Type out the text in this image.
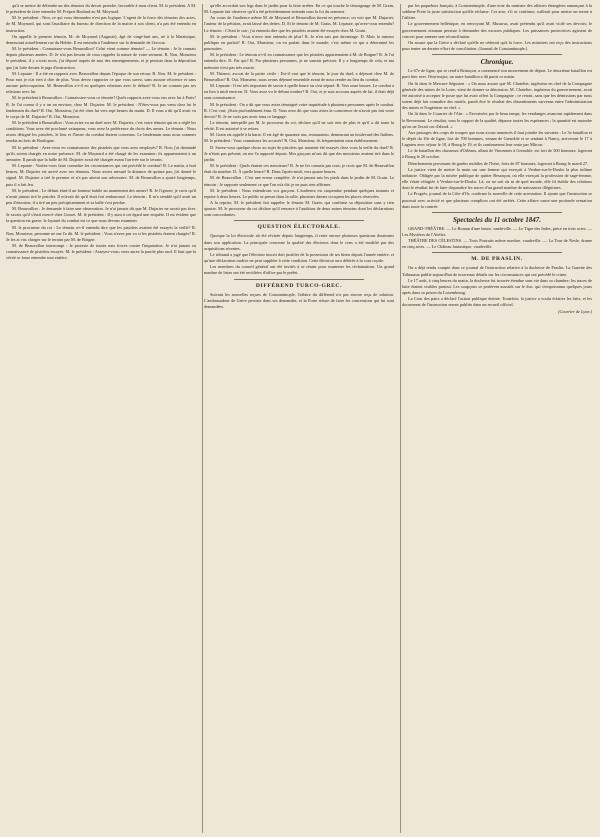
qu'à se mettre de défendre un des témoins du devoir prendre, favorable à mon client. M. le président. A M. le président de faire entendre M. Fréperi Boulard au M. Moynard.

M. le président : Non, ce qui vous demandez n'est pas logique. L'agent de la force des témoins des actes, de M. Moynard, qui sont l'auxiliaire du bureau de direction de la mairie à son client, n'a pas été entendu en instruction.

On appelle le premier témoin, M. de Moynard (Auguste), âgé de vingt-huit ans, né à la Martinique, demeurant actuellement rue du Helder. Il est entendu à l'audience sur la demande de l'avocat.

M. le président : Connaissez-vous Beauvallon? Celui vient comme témoin? — Le témoin : Je le connais depuis plusieurs années. D. Je n'ai pas besoin de vous rappeler la nature de votre serment. R. Non, Monsieur le président, il y a trois mois, j'ai déposé auprès de moi des renseignements, et je persiste dans la déposition que j'ai faite devant le juge d'instruction.

M. Lepaute : Il a été en rapports avec Beauvallon depuis l'époque de son retour. R. Non. M. le président : Pour moi je n'ai rien à dire de plus. Vous devez rapporter ce que vous savez, sans aucune réticence et sans aucune préoccupation. M. Beauvallon a-t-il eu quelques relations avec le défunt? R. Je ne connais pas ses relations avec lui.

M. le président à Beauvallon : Connaissiez-vous ce témoin? Quels rapports avez-vous eus avec lui à Paris? R. Je l'ai connu il y a un an environ, chez M. Dujarier. M. le président : N'êtes-vous pas venu chez lui le lendemain du duel? R. Oui, Monsieur, j'ai été chez lui vers sept heures du matin. D. Il vous a dit qu'il avait vu le corps de M. Dujarier? R. Oui, Monsieur.

M. le président à Beauvallon : Vous aviez eu un duel avec M. Dujarier; c'est votre témoin qui en a réglé les conditions. Vous avez été proclamé vainqueur, vous avez la préférence du choix des armes. Le témoin : Nous avons désigné les pistolets, le lieu et l'heure du combat étaient convenus. Le lendemain nous nous sommes rendus au bois de Boulogne.

M. le président : Avez-vous eu connaissance des pistolets que vous avez employés? R. Non; j'ai demandé qu'ils soient chargés en notre présence. M. de Moynard a été chargé de les examiner; ils appartenaient à un armurier. Il paraît que la balle de M. Dujarier avait été chargée avant l'arrivée sur le terrain.

M. Lepaute : Voulez-vous faire connaître les circonstances qui ont précédé le combat? R. Le matin, à huit heures, M. Dujarier est arrivé avec ses témoins. Nous avons mesuré la distance de quinze pas; j'ai donné le signal. M. Dujarier a tiré le premier et n'a pas atteint son adversaire. M. de Beauvallon a ajusté longtemps, puis il a fait feu.

M. le président : Le défunt était-il un homme habile au maniement des armes? R. Je l'ignore; je crois qu'il n'avait jamais tiré le pistolet. Il m'avait dit qu'il était fort embarrassé. Le témoin : Il m'a semblé qu'il avait un peu d'émotion; il a tiré un peu précipitamment et sa balle s'est perdue.

M. Beauvallon : Je demande à faire une observation. Je n'ai jamais dit que M. Dujarier ne savait pas tirer. Je savais qu'il s'était exercé chez Gosset. M. le président : Il y aura à cet égard une enquête. Il est évident que la question est grave; la loyauté du combat est ce que nous devons examiner.

M. le procureur du roi : Le témoin a-t-il entendu dire que les pistolets avaient été essayés la veille? R. Non, Monsieur; personne ne me l'a dit. M. le président : Vous n'avez pas vu si les pistolets étaient chargés? R. Je les ai vus charger sur le terrain par M. de Boigne.

M. de Beauvallon interrompt : Je proteste de toutes mes forces contre l'imputation. Je n'ai jamais eu connaissance de pistolets essayés. M. le président : Asseyez-vous; vous aurez la parole plus tard. Il faut que la vérité se fasse entendre tout entière.

qu'elle accordait son legs dans le jardin pour la faire arrêter. En ce qui touche le témoignage de M. Grain, M. Lepaute fait observer qu'il a été précédemment entendu sous la foi du serment.

Au cours de l'audience même M. de Meynard et Beauvallon furent en présence; on voit que M. Dujarier, l'auteur de la pétition, avait laissé des dettes. D. Et le témoin de M. Grain, M. Lepaute, qu'avez-vous entendu? Le témoin : C'était le soir; j'ai entendu dire que les pistolets avaient été essayés chez M. Grain.

M. le président : Vous n'avez rien entendu de plus? R. Je n'en sais pas davantage. D. Mais la rumeur publique en parlait? R. Oui, Monsieur, on en parlait dans le monde; c'est même ce qui a déterminé les poursuites.

M. le président : Le témoin a-t-il eu connaissance que les pistolets appartenaient à M. de Boigne? R. Je l'ai entendu dire. D. Par qui? R. Par plusieurs personnes, je ne saurais préciser. Il y a longtemps de cela, et ma mémoire n'est pas très exacte.

M. Thienot, avocat de la partie civile : Est-il vrai que le témoin, le jour du duel, a déjeuné chez M. de Beauvallon? R. Oui, Monsieur, nous avons déjeuné ensemble avant de nous rendre au lieu du combat.

M. Lepaute : Il est très important de savoir à quelle heure on s'est séparé. R. Vers onze heures. Le combat a eu lieu à midi environ. D. Vous avez vu le défunt tomber? R. Oui, et je suis accouru auprès de lui, il était déjà sans connaissance.

M. le président : On a dit que vous aviez témoigné votre inquiétude à plusieurs personnes après le combat. R. C'est vrai; j'étais profondément ému. D. Vous avez dit que vous aviez la conscience de n'avoir pas fait votre devoir? R. Je ne crois pas avoir tenu ce langage.

Le témoin, interpellé par M. le procureur du roi, déclare qu'il ne sait rien de plus et qu'il a dit toute la vérité. Il est autorisé à se retirer.

M. Grain est appelé à la barre. Il est âgé de quarante ans, restaurateur, demeurant au boulevard des Italiens. M. le président : Vous connaissez les accusés? R. Oui, Monsieur, ils fréquentaient mon établissement.

D. Savez-vous quelque chose au sujet de pistolets qui auraient été essayés chez vous la veille du duel? R. Je n'étais pas présent; on me l'a rapporté depuis. Mes garçons m'ont dit que des messieurs avaient tiré dans le jardin.

M. le président : Quels étaient ces messieurs? R. Je ne les connais pas tous; je crois que M. de Beauvallon était du nombre. D. À quelle heure? R. Dans l'après-midi, vers quatre heures.

M. de Beauvallon : C'est une erreur complète. Je n'ai jamais mis les pieds dans le jardin de M. Grain. Le témoin : Je rapporte seulement ce que l'on m'a dit; je ne puis rien affirmer.

M. le président : Nous entendrons vos garçons. L'audience est suspendue pendant quelques instants et reprise à deux heures. Le public se presse dans la salle; plusieurs dames occupent les places réservées.

A la reprise, M. le président fait rappeler le témoin M. Grain, qui confirme sa déposition sans y rien ajouter. M. le procureur du roi déclare qu'il renonce à l'audition de deux autres témoins dont les déclarations sont concordantes.

QUESTION ÉLECTORALE.

Quoique la loi électorale ait été révisée depuis longtemps, il reste encore plusieurs questions douteuses dans son application. La principale concerne la qualité des électeurs dont le cens a été modifié par des acquisitions récentes.

Le tribunal a jugé que l'électeur inscrit doit justifier de la possession de ses biens depuis l'année entière, et qu'une déclaration tardive ne peut suppléer à cette condition. Cette décision sera déférée à la cour royale.

Les membres du conseil général ont été invités à se réunir pour examiner les réclamations. Un grand nombre de listes ont été rectifiées d'office par le préfet.

DIFFÉREND TURCO-GREC.

Suivant les nouvelles reçues de Constantinople, l'affaire du différend n'a pas encore reçu de solution. L'ambassadeur de Grèce persiste dans ses demandes, et la Porte refuse de faire les concessions qui lui sont demandées.

par les paquebots français, à Constantinople, d'une note du ministre des affaires étrangères annonçant à la sublime Porte la juste satisfaction qu'elle réclame. Cet acte, s'il se confirme, suffirait pour mettre un terme à l'affaire.

Le gouvernement hellénique, en renvoyant M. Musurus, avait prétendu qu'il avait violé ses devoirs; le gouvernement ottoman persiste à demander des excuses publiques. Les puissances protectrices agissent de concert pour amener une réconciliation.

On assure que la Grèce a déclaré qu'elle ne céderait qu'à la force. Les ministres ont reçu des instructions pour tenter un dernier effort de conciliation. (Journal de Constantinople.)

Chronique.

Le 67e de ligne, qui se rend à Briançon, a commencé son mouvement de départ. Le deuxième bataillon est parti hier avec l'état-major; un autre bataillon a dû partir ce matin.

On lit dans le Mercure Ségusien : « On nous assure que M. Chatelier, ingénieur en chef de la Compagnie générale des mines de la Loire, vient de donner sa démission. M. Chatelier, ingénieur du gouvernement, avait été autorisé à accepter le poste que lui avait offert la Compagnie ; ce retrait, sans que les démissions par nous soient déjà fait connaître des motifs, paraît être le résultat des dissentiments survenus entre l'administration des mines et l'ingénieur en chef. »

On lit dans le Courrier de l'Ain : « Favorisées par le beau temps, les vendanges avancent rapidement dans le Revermont. Le résultat, sous le rapport de la qualité, dépasse toutes les espérances ; la quantité est moindre qu'on ne l'avait cru d'abord. »

Aux passages des corps de troupes que nous avons annoncés il faut joindre les suivants : Le 3e bataillon et le dépôt du 10e de ligne, fort de 700 hommes, venant de Grenoble et se rendant à Nancy, arriveront le 17 à Lagnieu avec séjour le 18, à Bourg le 19, et ils continueront leur route par Mâcon.

Le 4e bataillon des chasseurs d'Orléans, allant de Vincennes à Grenoble, est fort de 500 hommes, logeront à Bourg le 20 octobre.

Détachements provenant de gardes mobiles de l'Isère, forts de 87 hommes, logeront à Bourg le mardi 27.

La justice vient de mettre la main sur une femme qui exerçait à Verdun-sur-le-Doubs la plus infâme industrie. Obligée par la misère publique de quitter Besançon, où elle exerçait la profession de sage-femme, elle s'était réfugiée à Verdun-sur-le-Doubs. Là, on ne sait où ni de quel monde, elle fit établir des relations dont le résultat fut de faire disparaître les traces d'un grand nombre de naissances illégitimes.

Le Progrès, journal de la Côte-d'Or, confirme la nouvelle de cette arrestation. Il ajoute que l'instruction se poursuit avec activité et que plusieurs complices ont été arrêtés. Cette affaire cause une profonde sensation dans toute la contrée.

Spectacles du 11 octobre 1847.

GRAND-THÉÂTRE. — Le Roman d'une heure, vaudeville. — Le Tigre des Indes, pièce en trois actes. — Les Mystères de l'Atelier.

THÉÂTRE DES CÉLESTINS. — Trois Portraits même nombre, vaudeville. — La Tour de Nesle, drame en cinq actes. — Le Château fantastique, vaudeville.

M. DE PRASLIN.

On a déjà rendu compte dans ce journal de l'instruction relative à la duchesse de Praslin. La Gazette des Tribunaux publie aujourd'hui de nouveaux détails sur les circonstances qui ont précédé le crime.

Le 17 août, à cinq heures du matin, la duchesse fut trouvée étendue sans vie dans sa chambre; les traces de lutte étaient visibles partout. Les soupçons se portèrent aussitôt sur le duc, qui s'empoisonna quelques jours après dans sa prison du Luxembourg.

La Cour des pairs a déclaré l'action publique éteinte. Toutefois, la justice a voulu éclairer les faits, et les documents de l'instruction seront publiés dans un recueil officiel.

(Courrier de Lyon.)
